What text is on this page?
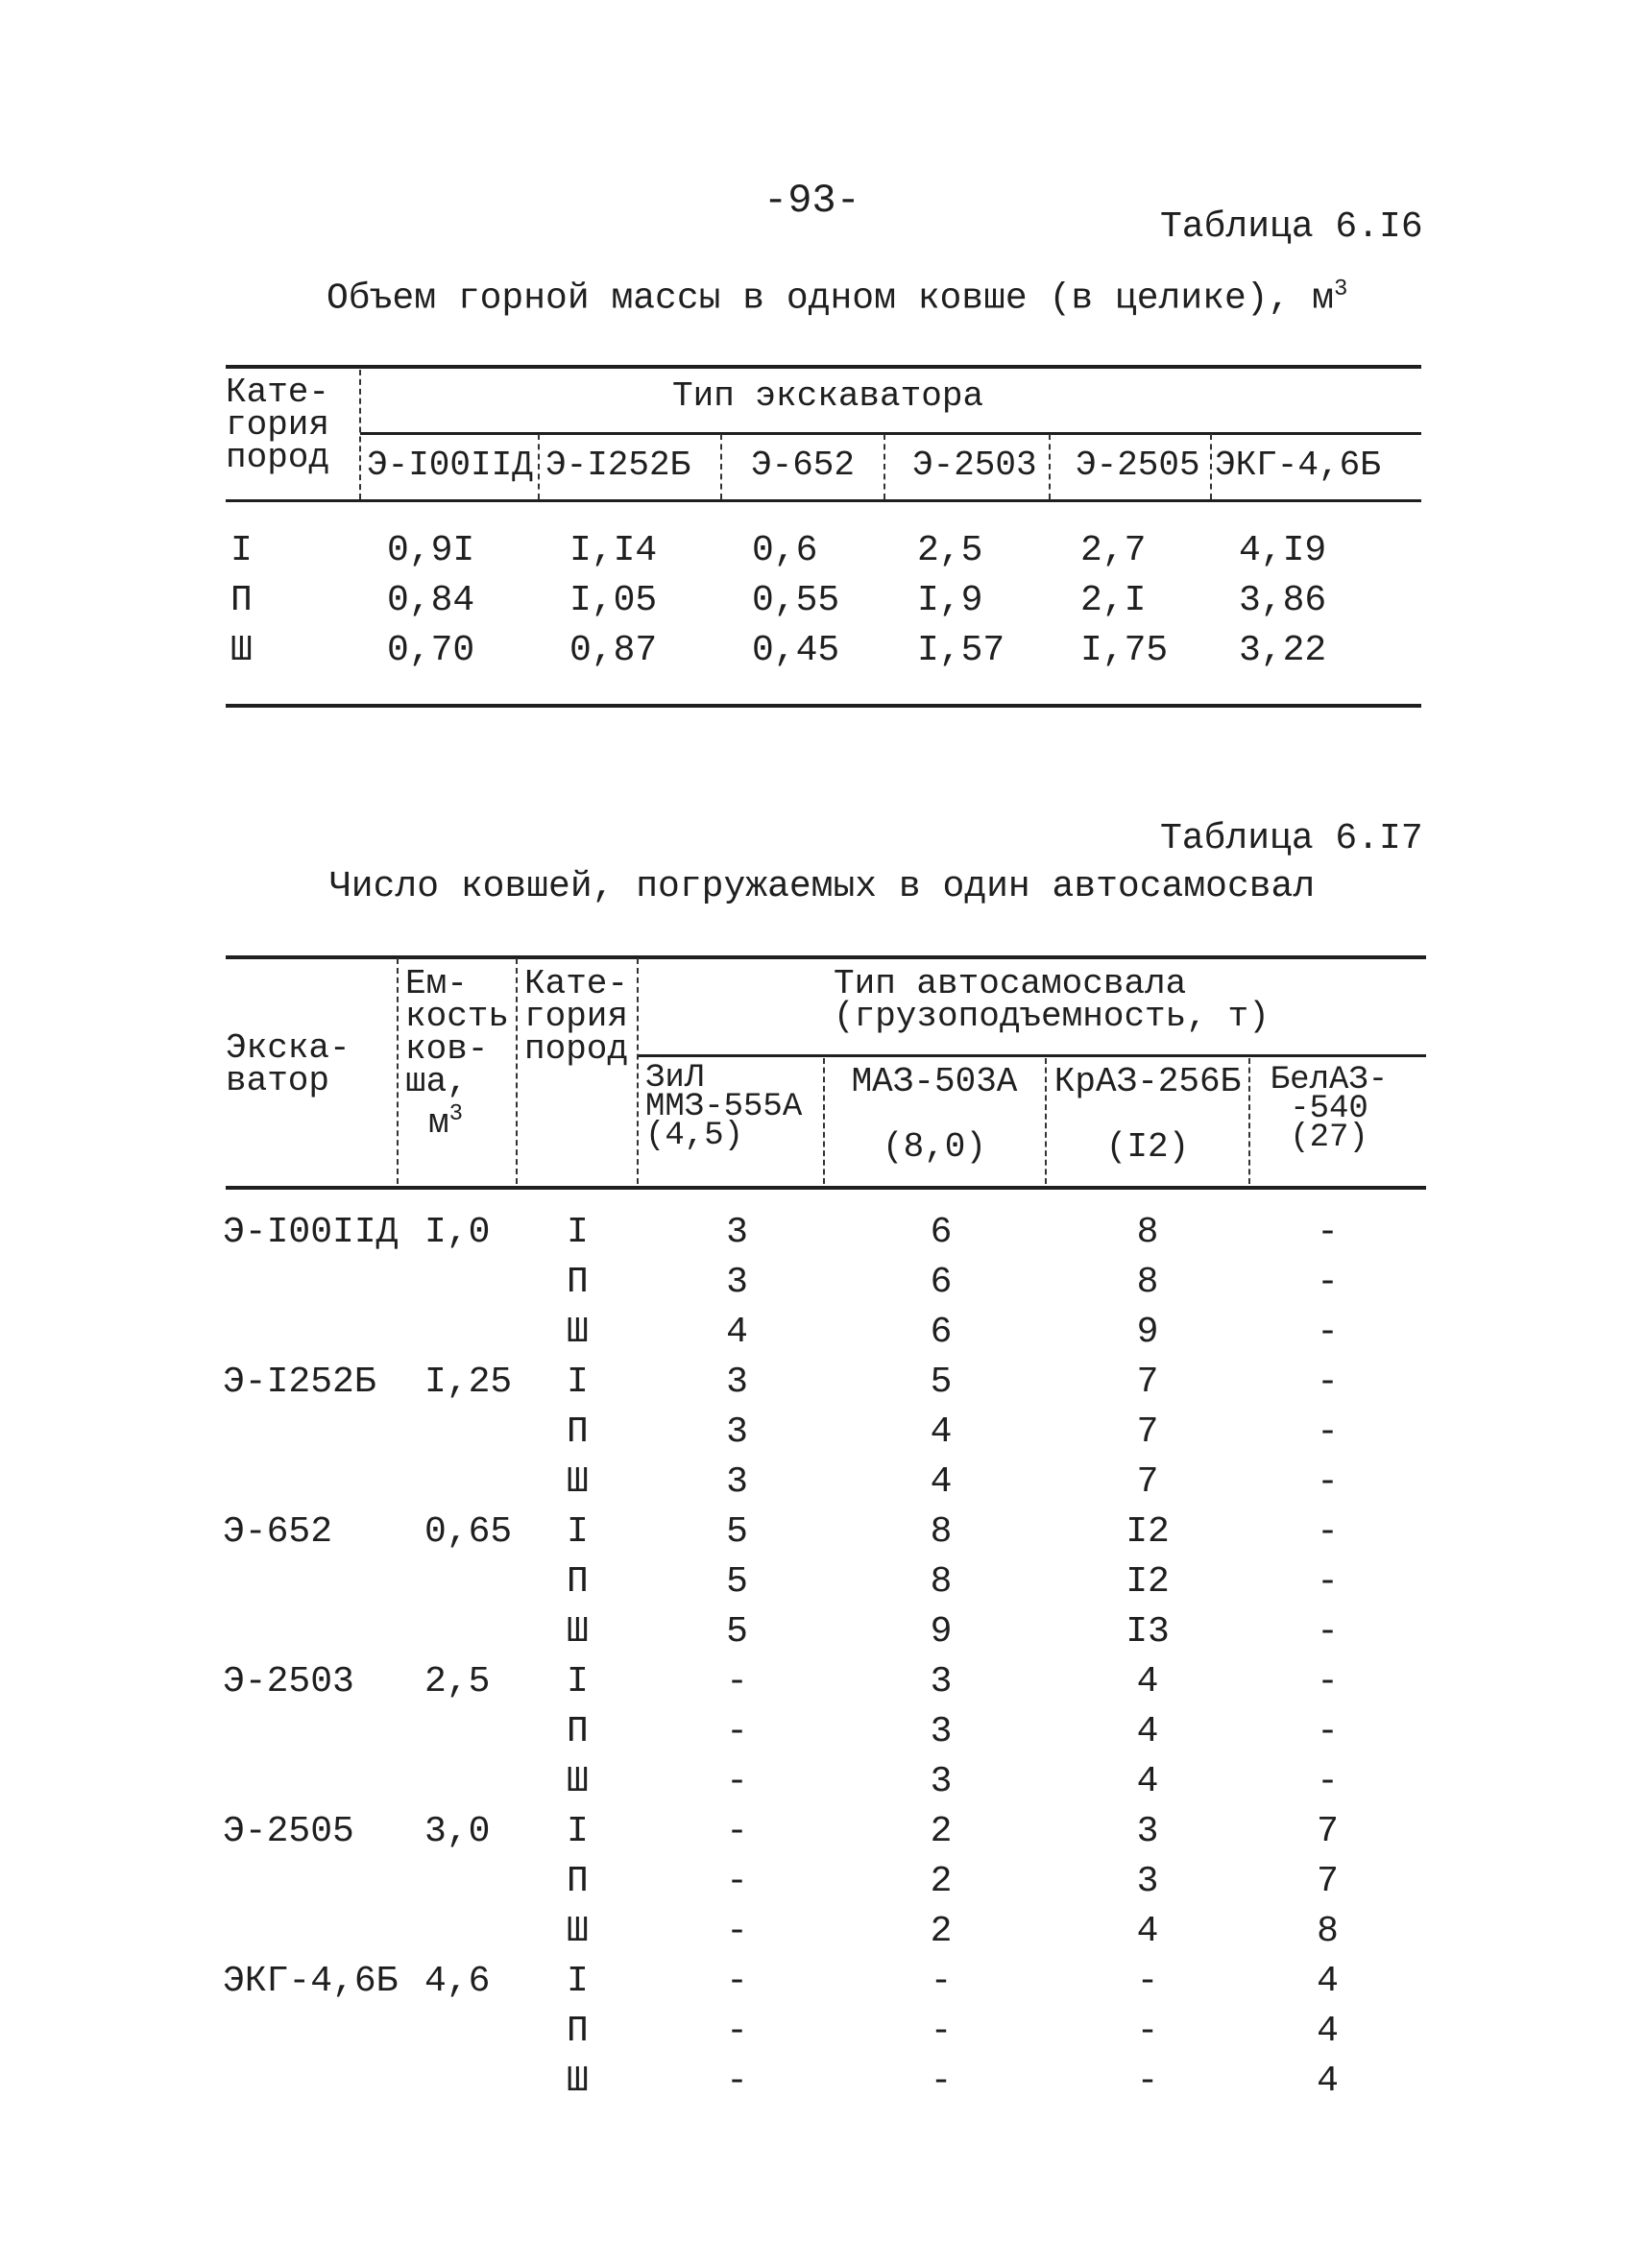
-93-
Таблица 6.I6
Объем горной массы в одном ковше (в целике), $м^3$
Кате-
гория
пород
Тип экскаватора
Э-I00IIД Э-I252Б Э-652 Э-2503 Э-2505 ЭКГ-4,6Б
I	0,9I	I,I4	0,6	2,5	2,7	4,I9
П	0,84	I,05	0,55 I,9	2,I	3,86
Ш	0,70	0,87	0,45 I,57 I,75 3,22
Таблица 6.I7
Число ковшей, погружаемых в один автосамосвал
Экска-
ватор
Ем-
кость
ков-
ша,
$м^3$
Кате-
гория
пород
Тип автосамосвала
(грузоподъемность, т)
ЗиЛ
ММЗ-555А
(4,5)
МАЗ-503А
(8,0)
КрАЗ-256Б
(I2)
БелАЗ-
-540
(27)
Э-I00IIД I,0 I	3	6	8	-
П	3	6	8	-
Ш	4	6	9	-
Э-I252Б I,25 I	3	5	7	-
П	3	4	7	-
Ш	3	4	7	-
Э-652	0,65 I	5	8	I2	-
П	5	8	I2	-
Ш	5	9	I3	-
Э-2503 2,5 I	-	3	4	-
П	-	3	4	-
Ш	-	3	4	-
Э-2505 3,0 I	-	2	3	7
П	-	2	3	7
Ш	-	2	4	8
ЭКГ-4,6Б 4,6 I	-	-	-	4
П	-	-	-	4
Ш	-	-	-	4
